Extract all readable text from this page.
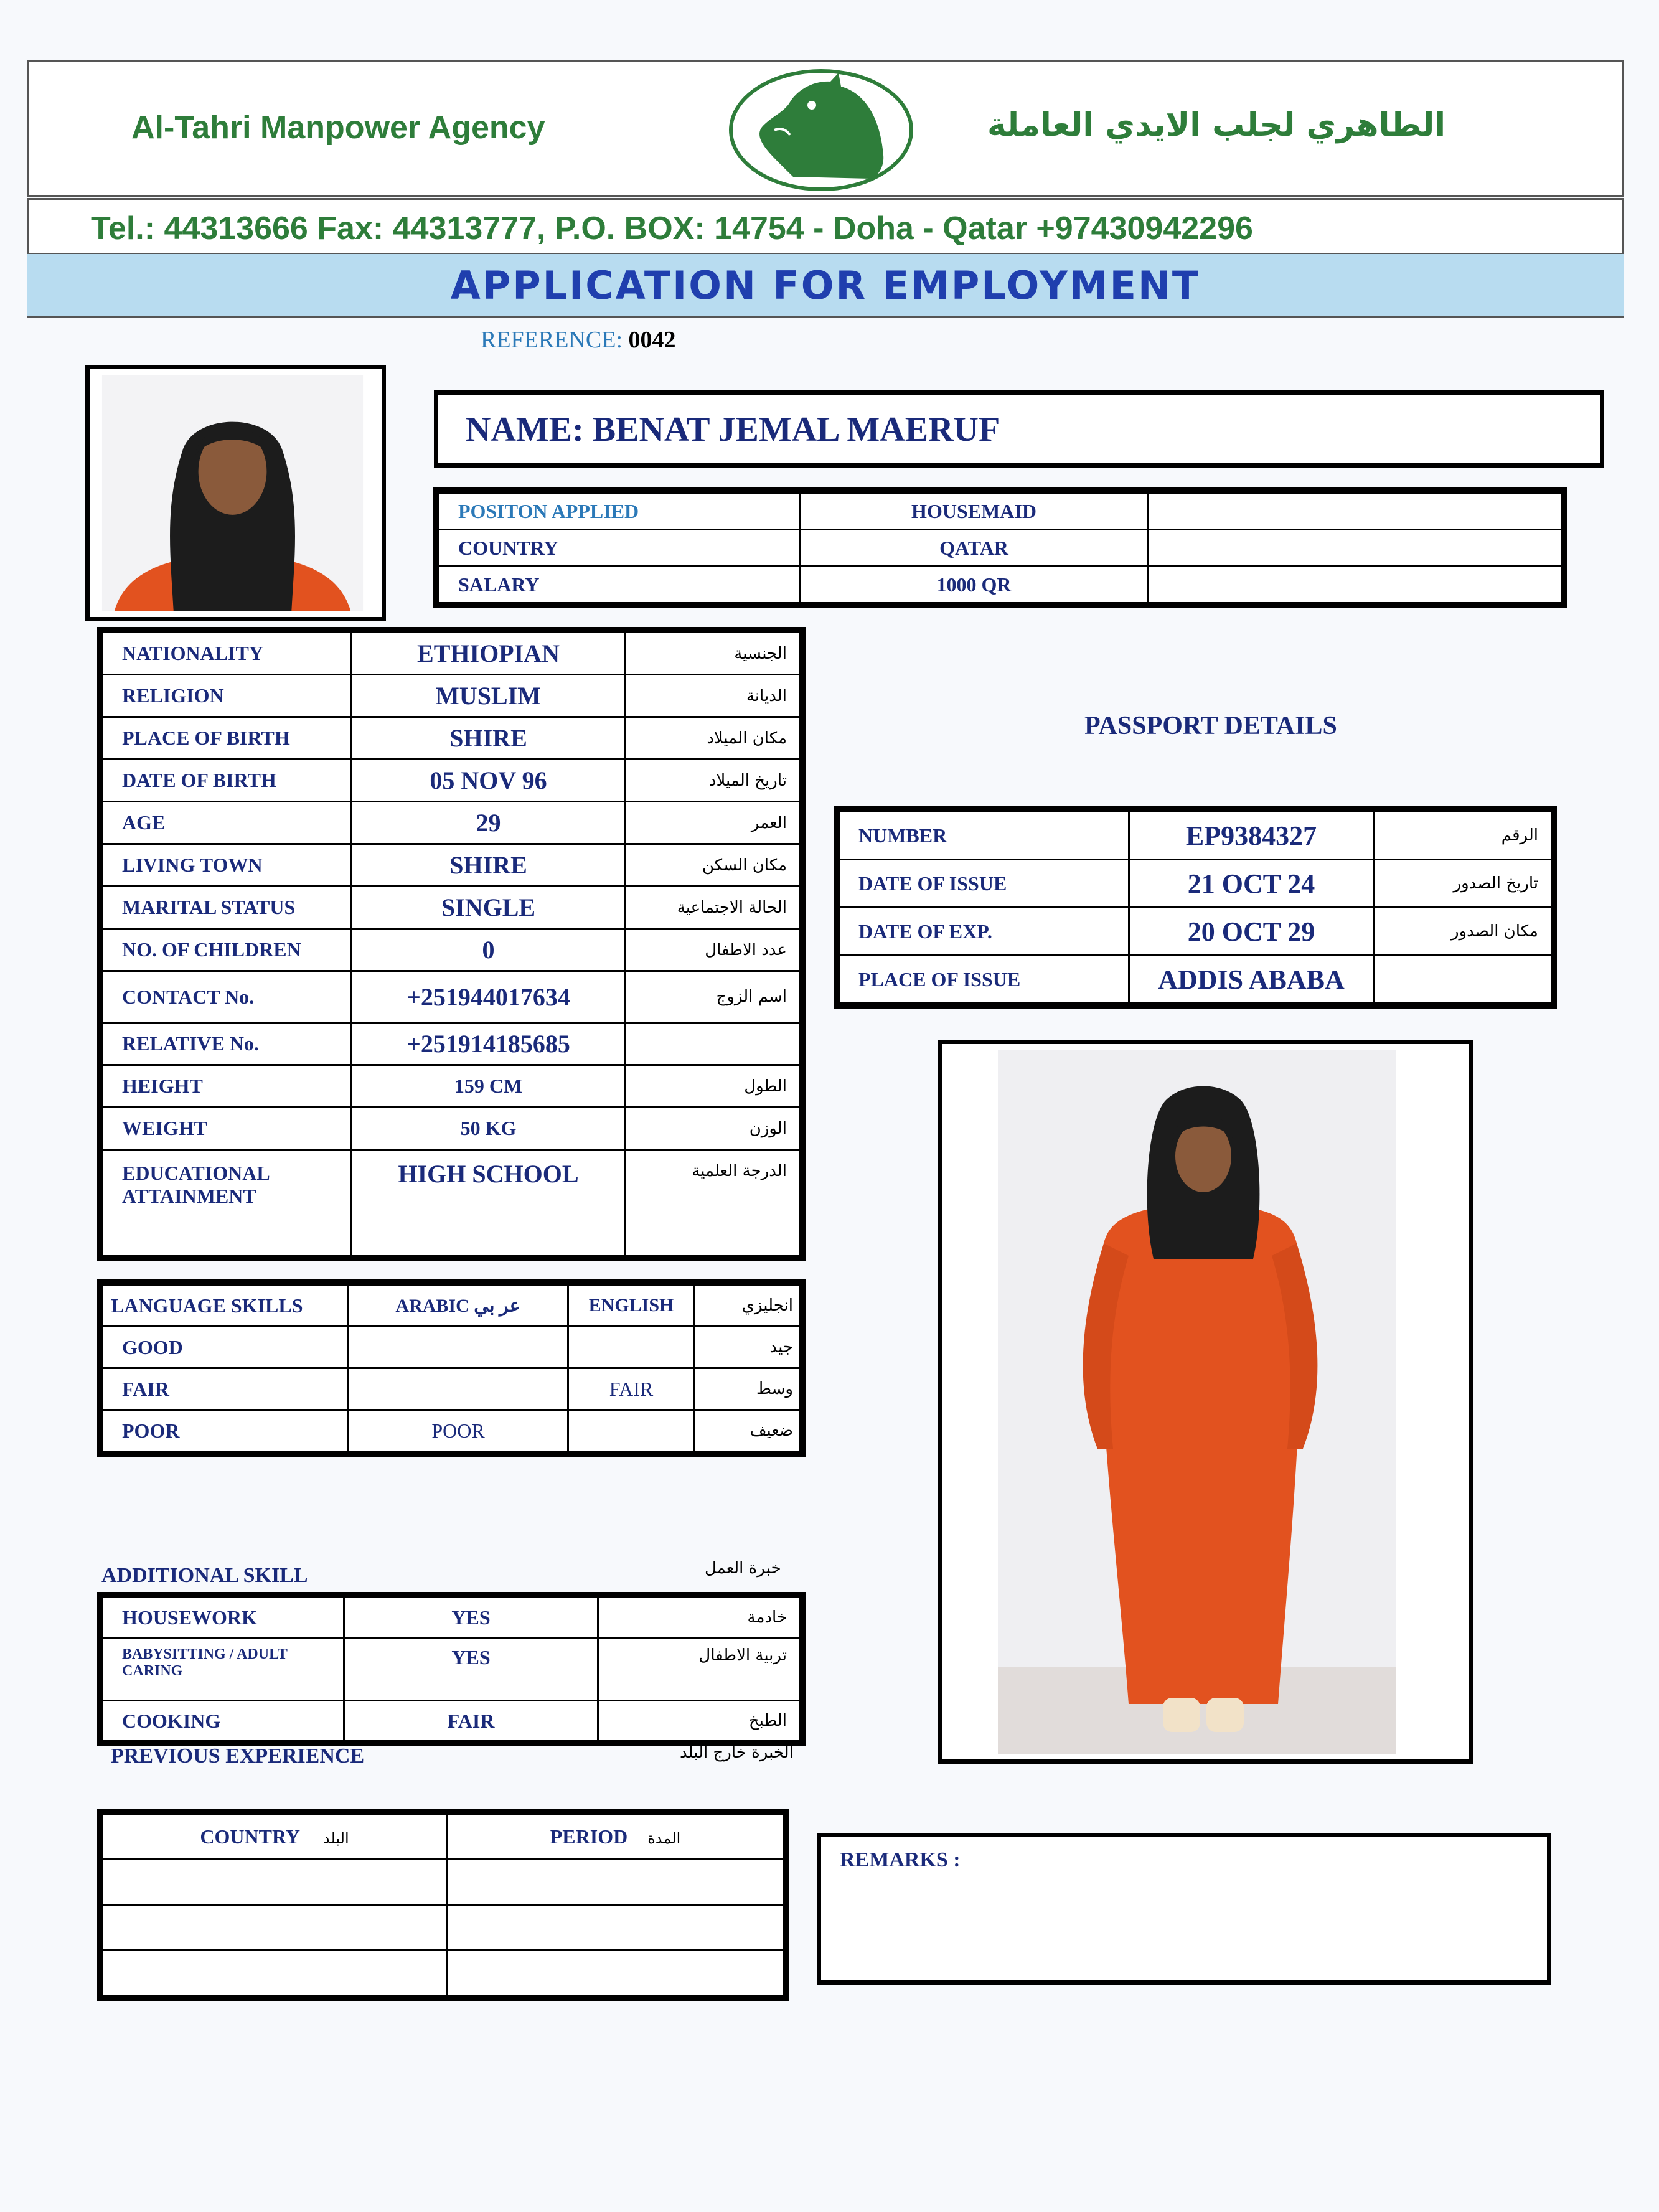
Al-Tahri Manpower Agency	الطاهري لجلب الايدي العاملة
Tel.: 44313666 Fax: 44313777, P.O. BOX: 14754 - Doha - Qatar +97430942296
APPLICATION FOR EMPLOYMENT
REFERENCE: 0042
NAME: BENAT JEMAL MAERUF
POSITON APPLIED	HOUSEMAID	
COUNTRY	QATAR	
SALARY	1000 QR	
NATIONALITY	ETHIOPIAN	الجنسية
RELIGION	MUSLIM	الديانة
PLACE OF BIRTH	SHIRE	مكان الميلاد
DATE OF BIRTH	05 NOV 96	تاريخ الميلاد
AGE	29	العمر
LIVING TOWN	SHIRE	مكان السكن
MARITAL STATUS	SINGLE	الحالة الاجتماعية
NO. OF CHILDREN	0	عدد الاطفال
CONTACT No.	+251944017634	اسم الزوج
RELATIVE No.	+251914185685	
HEIGHT	159 CM	الطول
WEIGHT	50 KG	الوزن
EDUCATIONAL ATTAINMENT	HIGH SCHOOL	الدرجة العلمية
PASSPORT DETAILS
NUMBER	EP9384327	الرقم
DATE OF ISSUE	21 OCT 24	تاريخ الصدور
DATE OF EXP.	20 OCT 29	مكان الصدور
PLACE OF ISSUE	ADDIS ABABA	
LANGUAGE SKILLS	ARABIC عر بي	ENGLISH	انجليزي
GOOD			جيد
FAIR		FAIR	وسط
POOR	POOR		ضعيف
ADDITIONAL SKILL	خبرة العمل
HOUSEWORK	YES	خادمة
BABYSITTING / ADULT CARING	YES	تربية الاطفال
COOKING	FAIR	الطبخ
PREVIOUS EXPERIENCE	الخبرة خارج البلد
COUNTRY البلد	PERIOD المدة

REMARKS :
